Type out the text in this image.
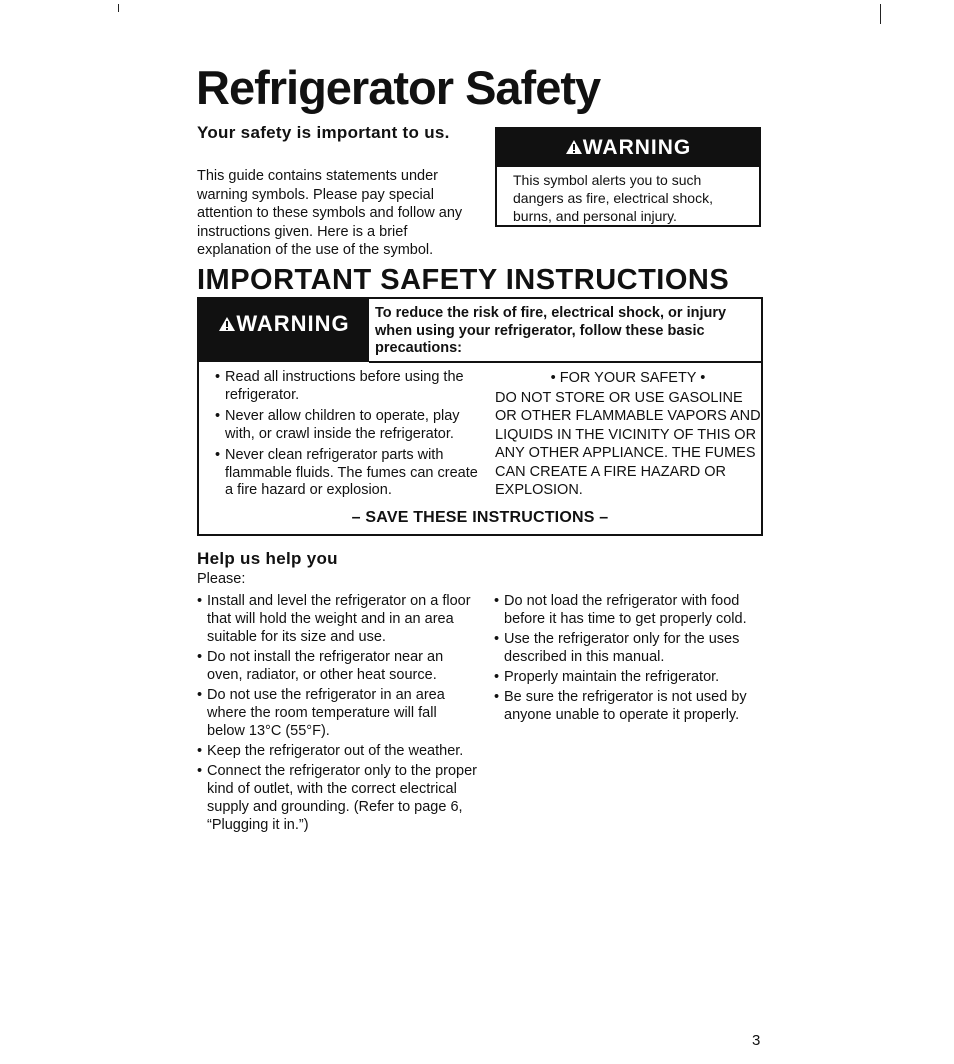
Refrigerator Safety
Your safety is important to us.
This guide contains statements under warning symbols. Please pay special attention to these symbols and follow any instructions given. Here is a brief explanation of the use of the symbol.
WARNING
This symbol alerts you to such dangers as fire, electrical shock, burns, and personal injury.
IMPORTANT SAFETY INSTRUCTIONS
WARNING	To reduce the risk of fire, electrical shock, or injury when using your refrigerator, follow these basic precautions:
• Read all instructions before using the refrigerator.
• Never allow children to operate, play with, or crawl inside the refrigerator.
• Never clean refrigerator parts with flammable fluids. The fumes can create a fire hazard or explosion.
• FOR YOUR SAFETY •
DO NOT STORE OR USE GASOLINE OR OTHER FLAMMABLE VAPORS AND LIQUIDS IN THE VICINITY OF THIS OR ANY OTHER APPLIANCE. THE FUMES CAN CREATE A FIRE HAZARD OR EXPLOSION.
– SAVE THESE INSTRUCTIONS –
Help us help you
Please:
• Install and level the refrigerator on a floor that will hold the weight and in an area suitable for its size and use.
• Do not install the refrigerator near an oven, radiator, or other heat source.
• Do not use the refrigerator in an area where the room temperature will fall below 13°C (55°F).
• Keep the refrigerator out of the weather.
• Connect the refrigerator only to the proper kind of outlet, with the correct electrical supply and grounding. (Refer to page 6, “Plugging it in.”)
• Do not load the refrigerator with food before it has time to get properly cold.
• Use the refrigerator only for the uses described in this manual.
• Properly maintain the refrigerator.
• Be sure the refrigerator is not used by anyone unable to operate it properly.
3
